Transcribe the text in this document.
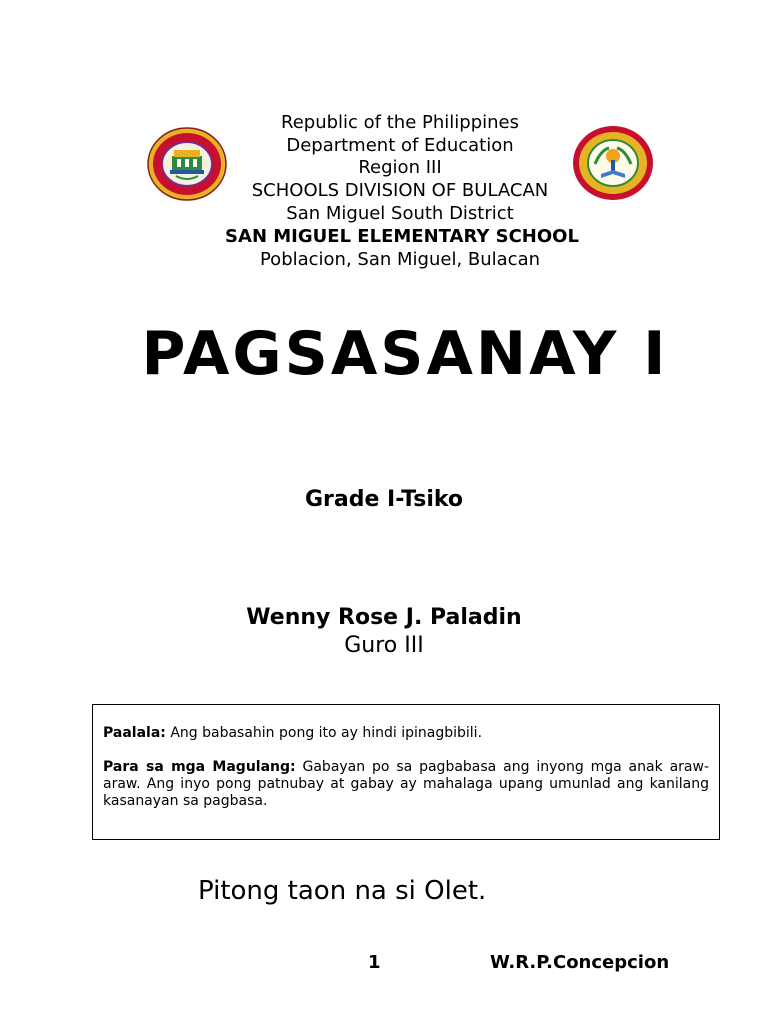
Republic of the Philippines
Department of Education
Region III
SCHOOLS DIVISION OF BULACAN
San Miguel South District
SAN MIGUEL ELEMENTARY SCHOOL
Poblacion, San Miguel, Bulacan
PAGSASANAY I
Grade I-Tsiko
Wenny Rose J. Paladin
Guro III

Paalala: Ang babasahin pong ito ay hindi ipinagbibili.

Para sa mga Magulang: Gabayan po sa pagbabasa ang inyong mga anak araw-araw. Ang inyo pong patnubay at gabay ay mahalaga upang umunlad ang kanilang kasanayan sa pagbasa.

Pitong taon na si Olet.
1	W.R.P.Concepcion
